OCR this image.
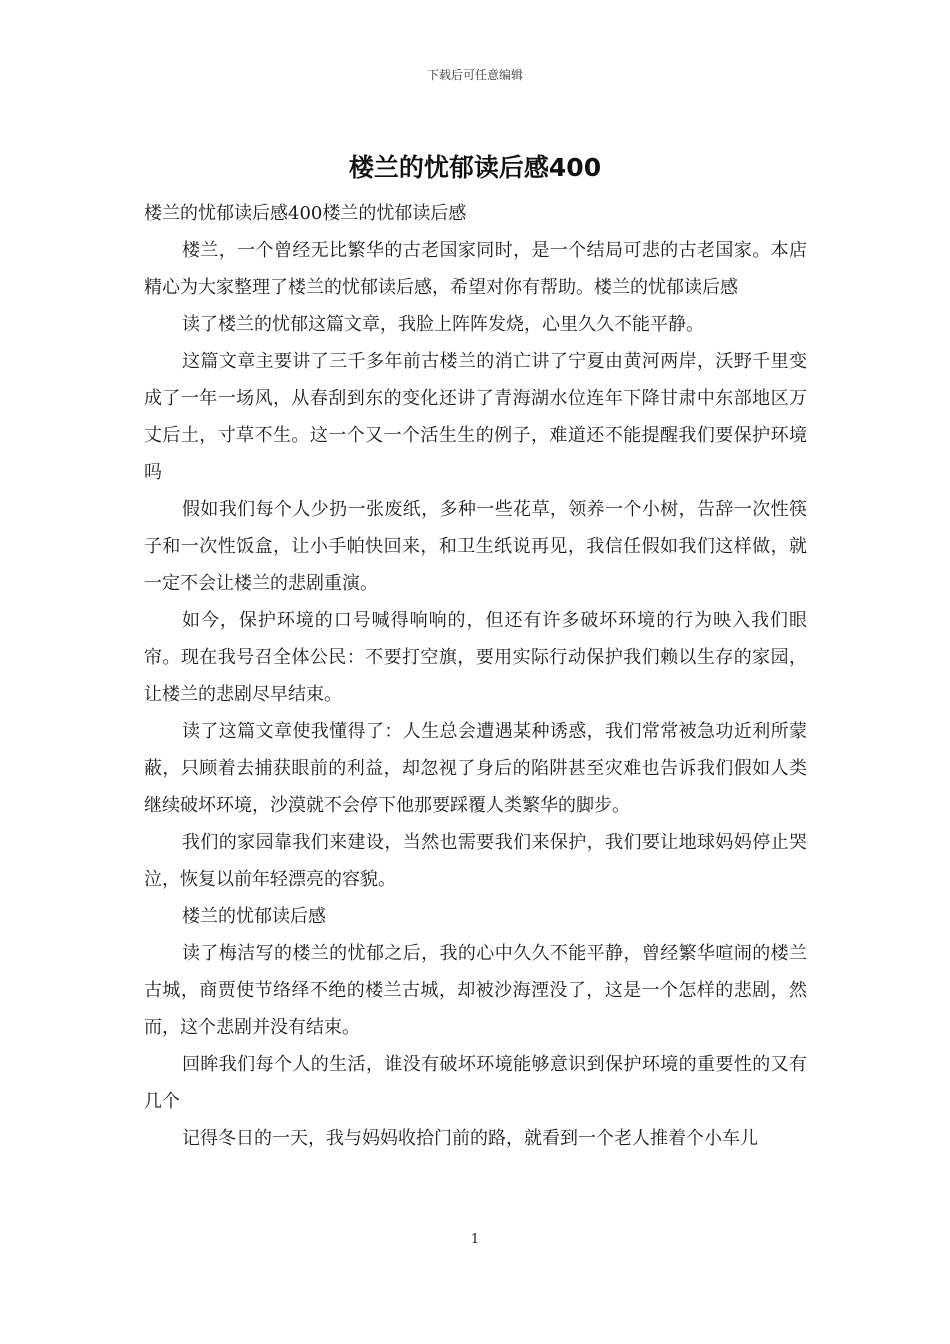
下载后可任意编辑
楼兰的忧郁读后感400

楼兰的忧郁读后感400楼兰的忧郁读后感

楼兰，一个曾经无比繁华的古老国家同时，是一个结局可悲的古老国家。本店精心为大家整理了楼兰的忧郁读后感，希望对你有帮助。楼兰的忧郁读后感

读了楼兰的忧郁这篇文章，我脸上阵阵发烧，心里久久不能平静。

这篇文章主要讲了三千多年前古楼兰的消亡讲了宁夏由黄河两岸，沃野千里变成了一年一场风，从春刮到东的变化还讲了青海湖水位连年下降甘肃中东部地区万丈后土，寸草不生。这一个又一个活生生的例子，难道还不能提醒我们要保护环境吗

假如我们每个人少扔一张废纸，多种一些花草，领养一个小树，告辞一次性筷子和一次性饭盒，让小手帕快回来，和卫生纸说再见，我信任假如我们这样做，就一定不会让楼兰的悲剧重演。

如今，保护环境的口号喊得响响的，但还有许多破坏环境的行为映入我们眼帘。现在我号召全体公民：不要打空旗，要用实际行动保护我们赖以生存的家园，让楼兰的悲剧尽早结束。

读了这篇文章使我懂得了：人生总会遭遇某种诱惑，我们常常被急功近利所蒙蔽，只顾着去捕获眼前的利益，却忽视了身后的陷阱甚至灾难也告诉我们假如人类继续破坏环境，沙漠就不会停下他那要踩覆人类繁华的脚步。

我们的家园靠我们来建设，当然也需要我们来保护，我们要让地球妈妈停止哭泣，恢复以前年轻漂亮的容貌。

楼兰的忧郁读后感

读了梅洁写的楼兰的忧郁之后，我的心中久久不能平静，曾经繁华喧闹的楼兰古城，商贾使节络绎不绝的楼兰古城，却被沙海湮没了，这是一个怎样的悲剧，然而，这个悲剧并没有结束。

回眸我们每个人的生活，谁没有破坏环境能够意识到保护环境的重要性的又有几个

记得冬日的一天，我与妈妈收拾门前的路，就看到一个老人推着个小车儿

1
